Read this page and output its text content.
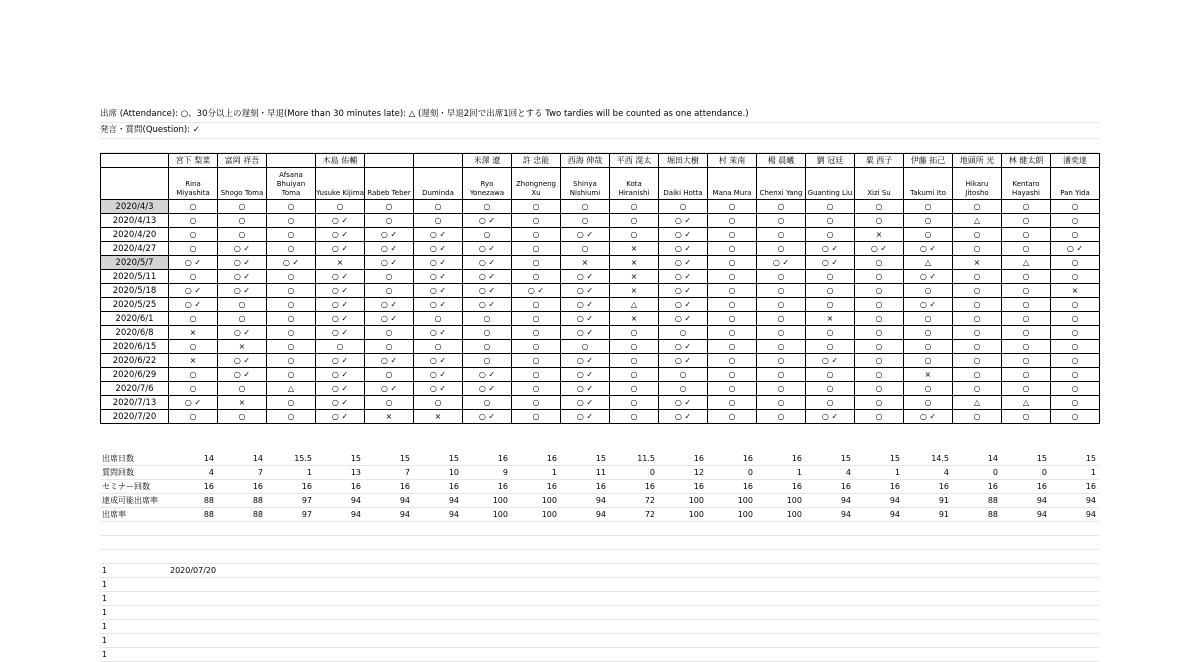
出席 (Attendance): ○、30分以上の遅刻・早退(More than 30 minutes late): △ (遅刻・早退2回で出席1回とする Two tardies will be counted as one attendance.)
発言・質問(Question): ✓
	宮下 梨菜	富岡 祥吾		木島 佑輔			米澤 遼	許 忠能	西海 伸哉	平西 滉太	堀田大樹	村 茉南	楊 晨曦	劉 冠廷	粟 西子	伊藤 拓己	地頭所 光	林 健太朗	潘奕達
	Rina Miyashita	Shogo Toma	Afsana Bhuiyan Toma	Yusuke Kijima	Rabeb Teber	Duminda	Ryo Yonezawa	Zhongneng Xu	Shinya Nishiumi	Kota Hiranishi	Daiki Hotta	Mana Mura	Chenxi Yang	Guanting Liu	Xizi Su	Takumi Ito	Hikaru Jitosho	Kentaro Hayashi	Pan Yida
2020/4/3	○	○	○	○	○	○	○	○	○	○	○	○	○	○	○	○	○	○	○
2020/4/13	○	○	○	○ ✓	○	○	○ ✓	○	○	○	○ ✓	○	○	○	○	○	△	○	○
2020/4/20	○	○	○	○ ✓	○ ✓	○ ✓	○	○	○ ✓	○	○ ✓	○	○	○	×	○	○	○	○
2020/4/27	○	○ ✓	○	○ ✓	○ ✓	○ ✓	○ ✓	○	○	×	○ ✓	○	○	○ ✓	○ ✓	○ ✓	○	○	○ ✓
2020/5/7	○ ✓	○ ✓	○ ✓	×	○ ✓	○ ✓	○ ✓	○	×	×	○ ✓	○	○ ✓	○ ✓	○	△	×	△	○
2020/5/11	○	○ ✓	○	○ ✓	○	○ ✓	○ ✓	○	○ ✓	×	○ ✓	○	○	○	○	○ ✓	○	○	○
2020/5/18	○ ✓	○ ✓	○	○ ✓	○	○ ✓	○ ✓	○ ✓	○ ✓	×	○ ✓	○	○	○	○	○	○	○	×
2020/5/25	○ ✓	○	○	○ ✓	○ ✓	○ ✓	○ ✓	○	○ ✓	△	○ ✓	○	○	○	○	○ ✓	○	○	○
2020/6/1	○	○	○	○ ✓	○ ✓	○	○	○	○ ✓	×	○ ✓	○	○	×	○	○	○	○	○
2020/6/8	×	○ ✓	○	○ ✓	○	○ ✓	○	○	○ ✓	○	○	○	○	○	○	○	○	○	○
2020/6/15	○	×	○	○	○	○	○	○	○	○	○ ✓	○	○	○	○	○	○	○	○
2020/6/22	×	○ ✓	○	○ ✓	○ ✓	○ ✓	○	○	○ ✓	○	○ ✓	○	○	○ ✓	○	○	○	○	○
2020/6/29	○	○ ✓	○	○ ✓	○	○ ✓	○ ✓	○	○ ✓	○	○	○	○	○	○	×	○	○	○
2020/7/6	○	○	△	○ ✓	○ ✓	○ ✓	○ ✓	○	○ ✓	○	○	○	○	○	○	○	○	○	○
2020/7/13	○ ✓	×	○	○ ✓	○	○	○	○	○ ✓	○	○ ✓	○	○	○	○	○	△	△	○
2020/7/20	○	○	○	○ ✓	×	×	○ ✓	○	○ ✓	○	○ ✓	○	○	○ ✓	○	○ ✓	○	○	○
出席日数	14	14	15.5	15	15	15	16	16	15	11.5	16	16	16	15	15	14.5	14	15	15
質問回数	4	7	1	13	7	10	9	1	11	0	12	0	1	4	1	4	0	0	1
セミナー回数	16	16	16	16	16	16	16	16	16	16	16	16	16	16	16	16	16	16	16
達成可能出席率	88	88	97	94	94	94	100	100	94	72	100	100	100	94	94	91	88	94	94
出席率	88	88	97	94	94	94	100	100	94	72	100	100	100	94	94	91	88	94	94
1	2020/07/20	
1		
1		
1		
1		
1		
1		
